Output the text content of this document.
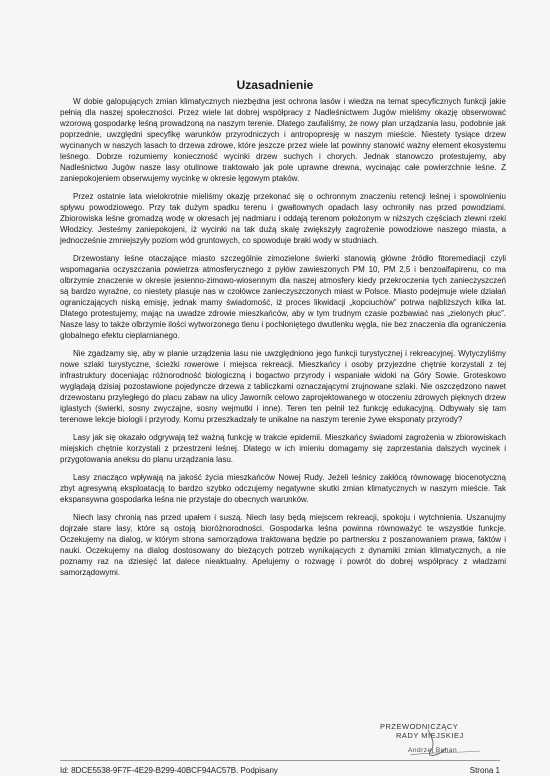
Uzasadnienie

W dobie galopujących zmian klimatycznych niezbędna jest ochrona lasów i wiedza na temat specyficznych funkcji jakie pełnią dla naszej społeczności. Przez wiele lat dobrej współpracy z Nadleśnictwem Jugów mieliśmy okazję obserwować wzorową gospodarkę leśną prowadzoną na naszym terenie. Dlatego zaufaliśmy, że nowy plan urządzania lasu, podobnie jak poprzednie, uwzględni specyfikę warunków przyrodniczych i antropopresję w naszym mieście. Niestety tysiące drzew wycinanych w naszych lasach to drzewa zdrowe, które jeszcze przez wiele lat powinny stanowić ważny element ekosystemu leśnego. Dobrze rozumiemy konieczność wycinki drzew suchych i chorych. Jednak stanowczo protestujemy, aby Nadleśnictwo Jugów nasze lasy otulinowe traktowało jak pole uprawne drewna, wycinając całe powierzchnie leśne. Z zaniepokojeniem obserwujemy wycinkę w okresie lęgowym ptaków.

Przez ostatnie lata wielokrotnie mieliśmy okazję przekonać się o ochronnym znaczeniu retencji leśnej i spowolnieniu spływu powodziowego. Przy tak dużym spadku terenu i gwałtownych opadach lasy ochroniły nas przed powodziami. Zbiorowiska leśne gromadzą wodę w okresach jej nadmiaru i oddają terenom położonym w niższych częściach zlewni rzeki Włodzicy. Jesteśmy zaniepokojeni, iż wycinki na tak dużą skalę zwiększyły zagrożenie powodziowe naszego miasta, a jednocześnie zmniejszyły poziom wód gruntowych, co spowoduje braki wody w studniach.

Drzewostany leśne otaczające miasto szczególnie zimozielone świerki stanowią główne źródło fitoremediacji czyli wspomagania oczyszczania powietrza atmosferycznego z pyłów zawieszonych PM 10, PM 2,5 i benzoalfapirenu, co ma olbrzymie znaczenie w okresie jesienno-zimowo-wiosennym dla naszej atmosfery kiedy przekroczenia tych zanieczyszczeń są bardzo wyraźne, co niestety plasuje nas w czołówce zanieczyszczonych miast w Polsce. Miasto podejmuje wiele działań ograniczających niską emisję, jednak mamy świadomość, iż proces likwidacji „kopciuchów” potrwa najbliższych kilka lat. Dlatego protestujemy, mając na uwadze zdrowie mieszkańców, aby w tym trudnym czasie pozbawiać nas „zielonych płuc”. Nasze lasy to także olbrzymie ilości wytworzonego tlenu i pochłoniętego dwutlenku węgla, nie bez znaczenia dla ograniczenia globalnego efektu cieplarnianego.

Nie zgadzamy się, aby w planie urządzenia lasu nie uwzględniono jego funkcji turystycznej i rekreacyjnej. Wytyczyliśmy nowe szlaki turystyczne, ścieżki rowerowe i miejsca rekreacji. Mieszkańcy i osoby przyjezdne chętnie korzystali z tej infrastruktury doceniając różnorodność biologiczną i bogactwo przyrody i wspaniałe widoki na Góry Sowie. Groteskowo wyglądają dzisiaj pozostawione pojedyncze drzewa z tabliczkami oznaczającymi zrujnowane szlaki. Nie oszczędzono nawet drzewostanu przyległego do placu zabaw na ulicy Jaworník celowo zaprojektowanego w otoczeniu zdrowych pięknych drzew iglastych (świerki, sosny zwyczajne, sosny wejmutki i inne). Teren ten pełnił też funkcję edukacyjną. Odbywały się tam terenowe lekcje biologii i przyrody. Komu przeszkadzały te unikalne na naszym terenie żywe eksponaty przyrody?

Lasy jak się okazało odgrywają też ważną funkcję w trakcie epidemii. Mieszkańcy świadomi zagrożenia w zbiorowiskach miejskich chętnie korzystali z przestrzeni leśnej. Dlatego w ich imieniu domagamy się zaprzestania dalszych wycinek i przygotowania aneksu do planu urządzania lasu.

Lasy znacząco wpływają na jakość życia mieszkańców Nowej Rudy. Jeżeli leśnicy zakłócą równowagę biocenotyczną zbyt agresywną eksploatacją to bardzo szybko odczujemy negatywne skutki zmian klimatycznych w naszym mieście. Tak ekspansywna gospodarka leśna nie przystaje do obecnych warunków.

Niech lasy chronią nas przed upałem i suszą. Niech lasy będą miejscem rekreacji, spokoju i wytchnienia. Uszanujmy dojrzałe stare lasy, które są ostoją bioróżnorodności. Gospodarka leśna powinna równoważyć te wszystkie funkcje. Oczekujemy na dialog, w którym strona samorządowa traktowana będzie po partnersku z poszanowaniem prawa, faktów i nauki. Oczekujemy na dialog dostosowany do bieżących potrzeb wynikających z dynamiki zmian klimatycznych, a nie poznamy raz na dziesięć lat dalece nieaktualny. Apelujemy o rozwagę i powrót do dobrej współpracy z władzami samorządowymi.

PRZEWODNICZĄCY
RADY MIEJSKIEJ
Andrzej Behan
Id: 8DCE5538-9F7F-4E29-B299-40BCF94AC57B. Podpisany	Strona 1
